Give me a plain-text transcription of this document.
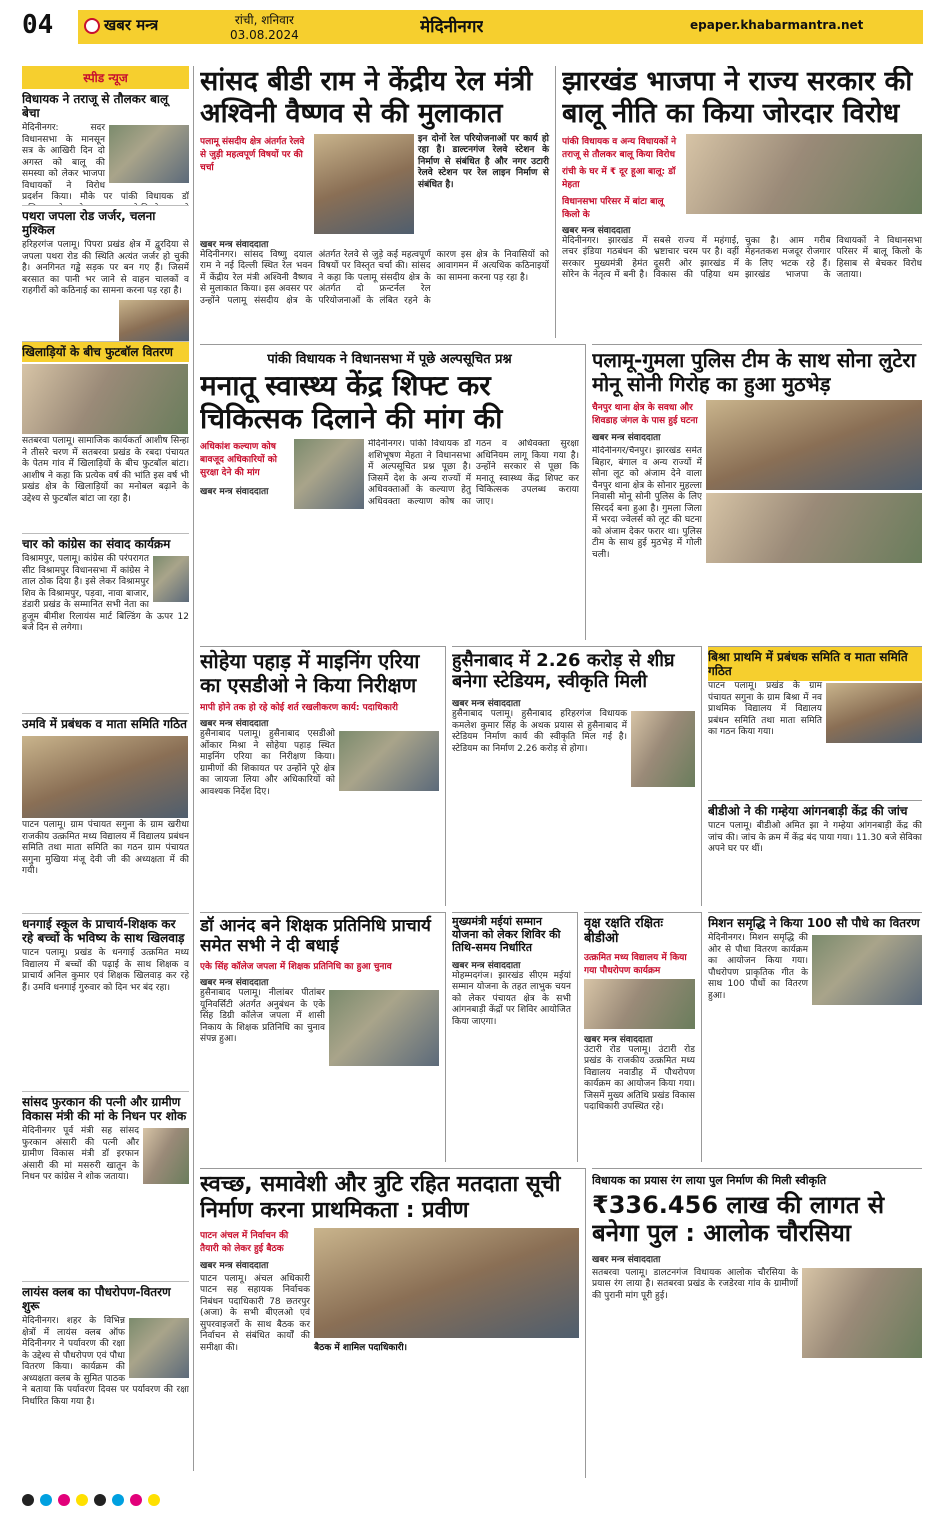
04	खबर मन्त्र	रांची, शनिवार
03.08.2024	मेदिनीनगर	epaper.khabarmantra.net
स्पीड न्यूज
विधायक ने तराजू से तौलकर बालू बेचा
मेदिनीनगर: सदर विधानसभा के मानसून सत्र के आखिरी दिन दो अगस्त को बालू की समस्या को लेकर भाजपा विधायकों ने विरोध प्रदर्शन किया। मौके पर पांकी विधायक डॉ
पथरा जपला रोड जर्जर, चलना मुश्किल
हरिहरगंज पलामू। पिपरा प्रखंड क्षेत्र में द्वुरदिया से जपला पथरा रोड की स्थिति अत्यंत जर्जर हो चुकी है। अनगिनत गड्ढे सड़क पर बन गए हैं। जिसमें बरसात का पानी भर जाने से वाहन चालकों व राहगीरों को कठिनाई का सामना करना पड़ रहा है।
खिलाड़ियों के बीच फुटबॉल वितरण
सतबरवा पलामू। सामाजिक कार्यकर्ता आशीष सिन्हा ने तीसरे चरण में सतबरवा प्रखंड के रबदा पंचायत के पेतम गांव में खिलाड़ियों के बीच फुटबॉल बांटा। आशीष ने कहा कि प्रत्येक वर्ष की भांति इस वर्ष भी प्रखंड क्षेत्र के खिलाड़ियों का मनोबल बढ़ाने के उद्देश्य से फुटबॉल बांटा जा रहा है।
चार को कांग्रेस का संवाद कार्यक्रम
विश्रामपुर, पलामू। कांग्रेस की परंपरागत सीट विश्रामपुर विधानसभा में कांग्रेस ने ताल ठोक दिया है। इसे लेकर विश्रामपुर शिव के विश्रामपुर, पड़वा, नावा बाजार, डंडारी प्रखंड के सम्मानित सभी नेता का हुजूम बीमीश रिलायंस मार्ट बिल्डिंग के ऊपर 12 बजे दिन से लगेगा।
उमवि में प्रबंधक व माता समिति गठित
पाटन पलामू। ग्राम पंचायत सगुना के ग्राम खरीधा राजकीय उत्क्रमित मध्य विद्यालय में विद्यालय प्रबंधन समिति तथा माता समिति का गठन ग्राम पंचायत सगुना मुखिया मंजू देवी जी की अध्यक्षता में की गयी।
धनगाई स्कूल के प्राचार्य-शिक्षक कर रहे बच्चों के भविष्य के साथ खिलवाड़
पाटन पलामू। प्रखंड के धनगाई उत्क्रमित मध्य विद्यालय में बच्चों की पढ़ाई के साथ शिक्षक व प्राचार्य अनिल कुमार एवं शिक्षक खिलवाड़ कर रहे हैं। उमवि धनगाई गुरुवार को दिन भर बंद रहा।
सांसद फुरकान की पत्नी और ग्रामीण विकास मंत्री की मां के निधन पर शोक
मेदिनीनगर पूर्व मंत्री सह सांसद फुरकान अंसारी की पत्नी और ग्रामीण विकास मंत्री डॉ इरफान अंसारी की मां मसरुरी खातून के निधन पर कांग्रेस ने शोक जताया।
लायंस क्लब का पौधरोपण-वितरण शुरू
मेदिनीनगर। शहर के विभिन्न क्षेत्रों में लायंस क्लब ऑफ मेदिनीनगर ने पर्यावरण की रक्षा के उद्देश्य से पौधरोपण एवं पौधा वितरण किया। कार्यक्रम की अध्यक्षता क्लब के सुमित पाठक ने बताया कि पर्यावरण दिवस पर पर्यावरण की रक्षा निर्धारित किया गया है।
सांसद बीडी राम ने केंद्रीय रेल मंत्री अश्विनी वैष्णव से की मुलाकात
पलामू संसदीय क्षेत्र अंतर्गत रेलवे से जुड़ी महत्वपूर्ण विषयों पर की चर्चा
इन दोनों रेल परियोजनाओं पर कार्य हो रहा है। डाल्टनगंज रेलवे स्टेशन के निर्माण से संबंधित है और नगर उटारी रेलवे स्टेशन पर रेल लाइन निर्माण से संबंधित है।
खबर मन्त्र संवाददाता
मेदिनीनगर। सांसद विष्णु दयाल राम ने नई दिल्ली स्थित रेल भवन में केंद्रीय रेल मंत्री अश्विनी वैष्णव से मुलाकात किया। इस अवसर पर उन्होंने पलामू संसदीय क्षेत्र के अंतर्गत रेलवे से जुड़े कई महत्वपूर्ण विषयों पर विस्तृत चर्चा की। सांसद ने कहा कि पलामू संसदीय क्षेत्र के अंतर्गत दो फ्रन्टर्नल रेल परियोजनाओं के लंबित रहने के कारण इस क्षेत्र के निवासियों को आवागमन में अत्यधिक कठिनाइयों का सामना करना पड़ रहा है।
झारखंड भाजपा ने राज्य सरकार की बालू नीति का किया जोरदार विरोध
पांकी विधायक व अन्य विधायकों ने तराजू से तौलकर बालू किया विरोध
रांची के घर में ₹ दूर हूआ बालू: डॉ मेहता
विधानसभा परिसर में बांटा बालू किलो के
खबर मन्त्र संवाददाता
मेदिनीनगर। झारखंड में लचर इंडिया गठबंधन की सरकार मुख्यमंत्री हेमंत सोरेन के नेतृत्व में बनी है। सबसे राज्य में महंगाई, भ्रष्टाचार चरम पर है। वहीं दूसरी ओर झारखंड में विकास की पहिया थम चुका है। आम गरीब मेहनतकश मजदूर रोजगार के लिए भटक रहे हैं। झारखंड भाजपा के विधायकों ने विधानसभा परिसर में बालू किलो के हिसाब से बेचकर विरोध जताया।
पांकी विधायक ने विधानसभा में पूछे अल्पसूचित प्रश्न
मनातू स्वास्थ्य केंद्र शिफ्ट कर चिकित्सक दिलाने की मांग की
अधिकांश कल्याण कोष बावजूद अधिकारियों को सुरक्षा देने की मांग
खबर मन्त्र संवाददाता
मेदिनीनगर। पांकी विधायक डॉ शशिभूषण मेहता ने विधानसभा में अल्पसूचित प्रश्न पूछा है। जिसमें देश के अन्य राज्यों में अधिवक्ताओं के कल्याण हेतु अधिवक्ता कल्याण कोष का गठन व अधिवक्ता सुरक्षा अधिनियम लागू किया गया है। उन्होंने सरकार से पूछा कि मनातू स्वास्थ्य केंद्र शिफ्ट कर चिकित्सक उपलब्ध कराया जाए।
पलामू-गुमला पुलिस टीम के साथ सोना लुटेरा मोनू सोनी गिरोह का हुआ मुठभेड़
चैनपुर थाना क्षेत्र के सवधा और शिवडाह जंगल के पास हुई घटना
खबर मन्त्र संवाददाता
मेदिनीनगर/चैनपुर। झारखंड समेत बिहार, बंगाल व अन्य राज्यों में सोना लूट को अंजाम देने वाला चैनपुर थाना क्षेत्र के सोनार मुहल्ला निवासी मोनू सोनी पुलिस के लिए सिरदर्द बना हुआ है। गुमला जिला में भरदा ज्वेलर्स को लूट की घटना को अंजाम देकर फरार था। पुलिस टीम के साथ हुई मुठभेड़ में गोली चली।
सोहेया पहाड़ में माइनिंग एरिया का एसडीओ ने किया निरीक्षण
मापी होने तक हो रहे कोई शर्त रखलीकरण कार्य: पदाधिकारी
खबर मन्त्र संवाददाता
हुसैनाबाद पलामू। हुसैनाबाद एसडीओ ओंकार मिश्रा ने सोहेया पहाड़ स्थित माइनिंग एरिया का निरीक्षण किया। ग्रामीणों की शिकायत पर उन्होंने पूरे क्षेत्र का जायजा लिया और अधिकारियों को आवश्यक निर्देश दिए।
हुसैनाबाद में 2.26 करोड़ से शीघ्र बनेगा स्टेडियम, स्वीकृति मिली
खबर मन्त्र संवाददाता
हुसैनाबाद पलामू। हुसैनाबाद हरिहरगंज विधायक कमलेश कुमार सिंह के अथक प्रयास से हुसैनाबाद में स्टेडियम निर्माण कार्य की स्वीकृति मिल गई है। स्टेडियम का निर्माण 2.26 करोड़ से होगा।
बिश्रा प्राथमि में प्रबंधक समिति व माता समिति गठित
पाटन पलामू। प्रखंड के ग्राम पंचायत सगुना के ग्राम बिश्रा में नव प्राथमिक विद्यालय में विद्यालय प्रबंधन समिति तथा माता समिति का गठन किया गया।
बीडीओ ने की गम्हेया आंगनबाड़ी केंद्र की जांच
पाटन पलामू। बीडीओ अमित झा ने गम्हेया आंगनबाड़ी केंद्र की जांच की। जांच के क्रम में केंद्र बंद पाया गया। 11.30 बजे सेविका अपने घर पर थीं।
डॉ आनंद बने शिक्षक प्रतिनिधि प्राचार्य समेत सभी ने दी बधाई
एके सिंह कॉलेज जपला में शिक्षक प्रतिनिधि का हुआ चुनाव
खबर मन्त्र संवाददाता
हुसैनाबाद पलामू। नीलांबर पीतांबर यूनिवर्सिटी अंतर्गत अनुबंधन के एके सिंह डिग्री कॉलेज जपला में शासी निकाय के शिक्षक प्रतिनिधि का चुनाव संपन्न हुआ।
मुख्यमंत्री मईयां सम्मान योजना को लेकर शिविर की तिथि-समय निर्धारित
खबर मन्त्र संवाददाता
मोहम्मदगंज। झारखंड सीएम मईयां सम्मान योजना के तहत लाभुक चयन को लेकर पंचायत क्षेत्र के सभी आंगनबाड़ी केंद्रों पर शिविर आयोजित किया जाएगा।
वृक्ष रक्षति रक्षितः बीडीओ
उत्क्रमित मध्य विद्यालय में किया गया पौधरोपण कार्यक्रम
खबर मन्त्र संवाददाता
उंटारी रोड पलामू। उंटारी रोड प्रखंड के राजकीय उत्क्रमित मध्य विद्यालय नवाडीह में पौधरोपण कार्यक्रम का आयोजन किया गया। जिसमें मुख्य अतिथि प्रखंड विकास पदाधिकारी उपस्थित रहे।
मिशन समृद्धि ने किया 100 सौ पौधे का वितरण
मेदिनीनगर। मिशन समृद्धि की ओर से पौधा वितरण कार्यक्रम का आयोजन किया गया। पौधरोपण प्राकृतिक गीत के साथ 100 पौधों का वितरण हुआ।
स्वच्छ, समावेशी और त्रुटि रहित मतदाता सूची निर्माण करना प्राथमिकता : प्रवीण
पाटन अंचल में निर्वाचन की तैयारी को लेकर हुई बैठक
खबर मन्त्र संवाददाता
पाटन पलामू। अंचल अधिकारी पाटन सह सहायक निर्वाचक निबंधन पदाधिकारी 78 छतरपुर (अजा) के सभी बीएलओ एवं सुपरवाइजरों के साथ बैठक कर निर्वाचन से संबंधित कार्यों की समीक्षा की।	बैठक में शामिल पदाधिकारी।
विधायक का प्रयास रंग लाया पुल निर्माण की मिली स्वीकृति
₹336.456 लाख की लागत से बनेगा पुल : आलोक चौरसिया
खबर मन्त्र संवाददाता
सतबरवा पलामू। डालटनगंज विधायक आलोक चौरसिया के प्रयास रंग लाया है। सतबरवा प्रखंड के रजडेरवा गांव के ग्रामीणों की पुरानी मांग पूरी हुई।
